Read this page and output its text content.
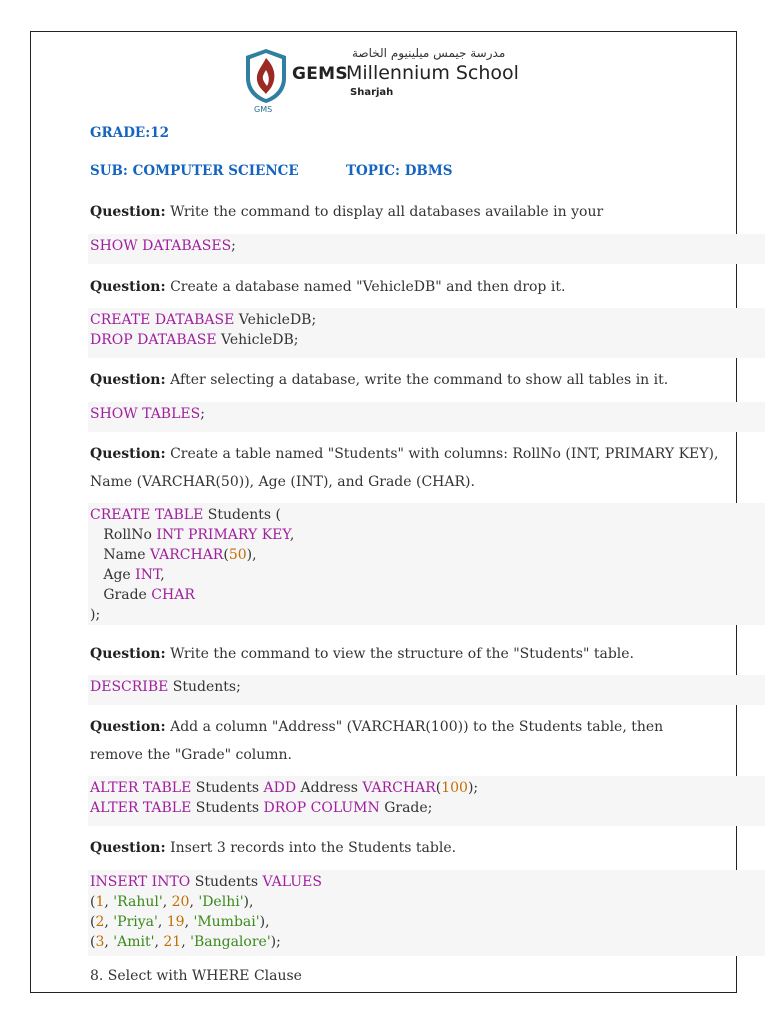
GMS
مدرسة جيمس ميلينيوم الخاصة
GEMS
Millennium School
Sharjah
GRADE:12
SUB: COMPUTER SCIENCE	TOPIC: DBMS
Question: Write the command to display all databases available in your
SHOW DATABASES;
Question: Create a database named "VehicleDB" and then drop it.
CREATE DATABASE VehicleDB;
DROP DATABASE VehicleDB;
Question: After selecting a database, write the command to show all tables in it.
SHOW TABLES;
Question: Create a table named "Students" with columns: RollNo (INT, PRIMARY KEY), Name (VARCHAR(50)), Age (INT), and Grade (CHAR).
CREATE TABLE Students (
RollNo INT PRIMARY KEY,
Name VARCHAR(50),
Age INT,
Grade CHAR
);
Question: Write the command to view the structure of the "Students" table.
DESCRIBE Students;
Question: Add a column "Address" (VARCHAR(100)) to the Students table, then remove the "Grade" column.
ALTER TABLE Students ADD Address VARCHAR(100);
ALTER TABLE Students DROP COLUMN Grade;
Question: Insert 3 records into the Students table.
INSERT INTO Students VALUES
(1, 'Rahul', 20, 'Delhi'),
(2, 'Priya', 19, 'Mumbai'),
(3, 'Amit', 21, 'Bangalore');
8. Select with WHERE Clause
